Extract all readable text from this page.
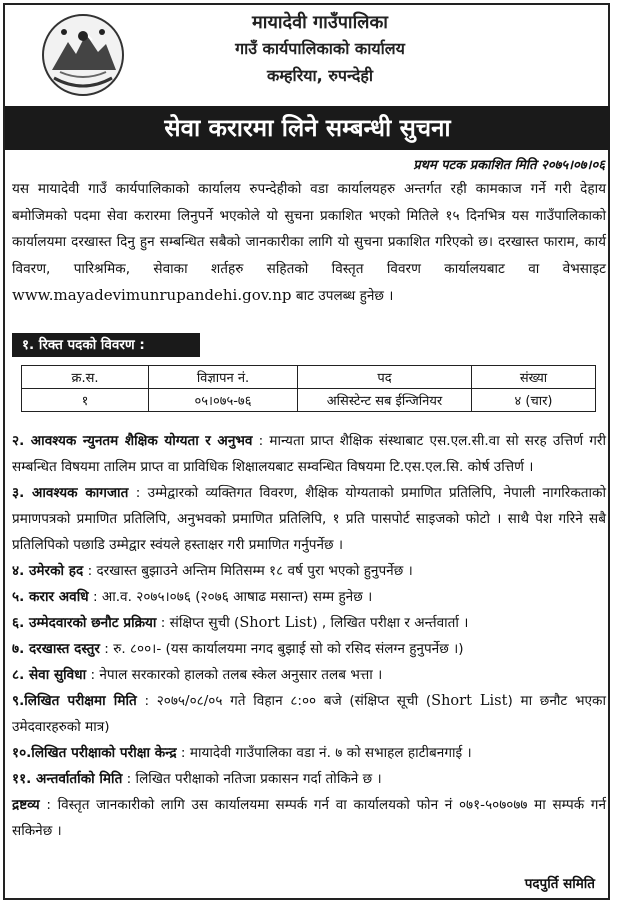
मायादेवी गाउँपालिका
गाउँ कार्यपालिकाको कार्यालय
कम्हरिया, रुपन्देही
सेवा करारमा लिने सम्बन्धी सुचना
प्रथम पटक प्रकाशित मिति २०७५।०७।०६
यस मायादेवी गाउँ कार्यपालिकाको कार्यालय रुपन्देहीको वडा कार्यालयहरु अन्तर्गत रही कामकाज गर्ने गरी देहाय बमोजिमको पदमा सेवा करारमा लिनुपर्ने भएकोले यो सुचना प्रकाशित भएको मितिले १५ दिनभित्र यस गाउँपालिकाको कार्यालयमा दरखास्त दिनु हुन सम्बन्धित सबैको जानकारीका लागि यो सुचना प्रकाशित गरिएको छ। दरखास्त फाराम, कार्य विवरण, पारिश्रमिक, सेवाका शर्तहरु सहितको विस्तृत विवरण कार्यालयबाट वा वेभसाइट www.mayadevimunrupandehi.gov.np बाट उपलब्ध हुनेछ ।
१. रिक्त पदको विवरण :
क्र.स.	विज्ञापन नं.	पद	संख्या
१	०५।०७५-७६	असिस्टेन्ट सब ईन्जिनियर	४ (चार)
२. आवश्यक न्युनतम शैक्षिक योग्यता र अनुभव : मान्यता प्राप्त शैक्षिक संस्थाबाट एस.एल.सी.वा सो सरह उत्तिर्ण गरी सम्बन्धित विषयमा तालिम प्राप्त वा प्राविधिक शिक्षालयबाट सम्वन्धित विषयमा टि.एस.एल.सि. कोर्ष उत्तिर्ण ।
३. आवश्यक कागजात : उम्मेद्वारको व्यक्तिगत विवरण, शैक्षिक योग्यताको प्रमाणित प्रतिलिपि, नेपाली नागरिकताको प्रमाणपत्रको प्रमाणित प्रतिलिपि, अनुभवको प्रमाणित प्रतिलिपि, १ प्रति पासपोर्ट साइजको फोटो । साथै पेश गरिने सबै प्रतिलिपिको पछाडि उम्मेद्वार स्वंयले हस्ताक्षर गरी प्रमाणित गर्नुपर्नेछ ।
४. उमेरको हद : दरखास्त बुझाउने अन्तिम मितिसम्म १८ वर्ष पुरा भएको हुनुपर्नेछ ।
५. करार अवधि : आ.व. २०७५।०७६ (२०७६ आषाढ मसान्त) सम्म हुनेछ ।
६. उम्मेदवारको छनौट प्रक्रिया : संक्षिप्त सुची (Short List) , लिखित परीक्षा र अर्न्तवार्ता ।
७. दरखास्त दस्तुर : रु. ८००।- (यस कार्यालयमा नगद बुझाई सो को रसिद संलग्न हुनुपर्नेछ ।)
८. सेवा सुविधा : नेपाल सरकारको हालको तलब स्केल अनुसार तलब भत्ता ।
९.लिखित परीक्षमा मिति : २०७५/०८/०५ गते विहान ८:०० बजे (संक्षिप्त सूची (Short List) मा छनौट भएका उमेदवारहरुको मात्र)
१०.लिखित परीक्षाको परीक्षा केन्द्र : मायादेवी गाउँपालिका वडा नं. ७ को सभाहल हाटीबनगाई ।
११. अन्तर्वार्ताको मिति : लिखित परीक्षाको नतिजा प्रकासन गर्दा तोकिने छ ।
द्रष्टव्य : विस्तृत जानकारीको लागि उस कार्यालयमा सम्पर्क गर्न वा कार्यालयको फोन नं ०७१-५०७०७७ मा सम्पर्क गर्न सकिनेछ ।
पदपुर्ति समिति
